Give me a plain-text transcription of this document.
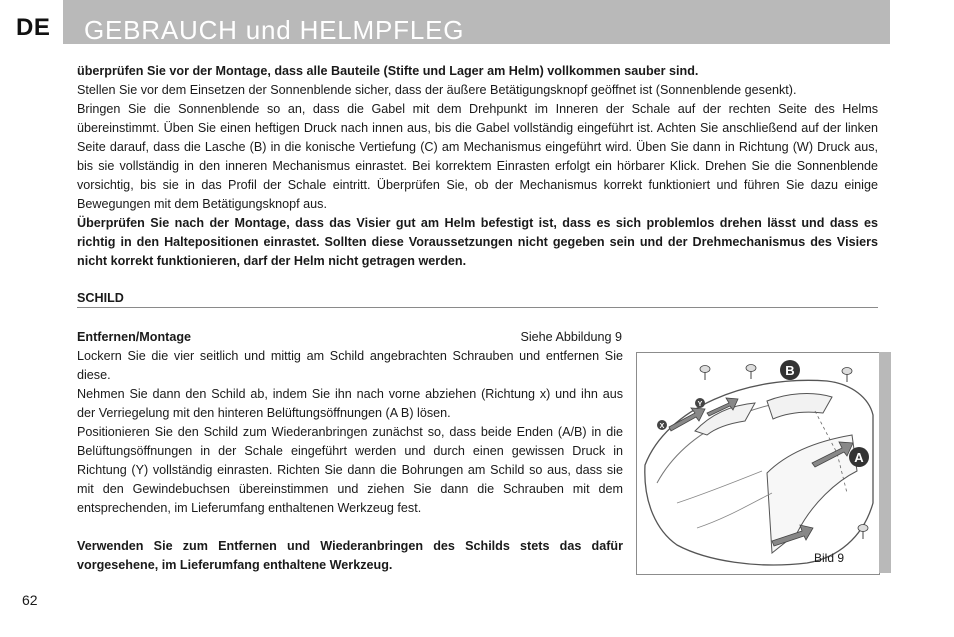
DE GEBRAUCH und HELMPFLEG

überprüfen Sie vor der Montage, dass alle Bauteile (Stifte und Lager am Helm) vollkommen sauber sind.

Stellen Sie vor dem Einsetzen der Sonnenblende sicher, dass der äußere Betätigungsknopf geöffnet ist (Sonnenblende gesenkt).

Bringen Sie die Sonnenblende so an, dass die Gabel mit dem Drehpunkt im Inneren der Schale auf der rechten Seite des Helms übereinstimmt. Üben Sie einen heftigen Druck nach innen aus, bis die Gabel vollständig eingeführt ist. Achten Sie anschließend auf der linken Seite darauf, dass die Lasche (B) in die konische Vertiefung (C) am Mechanismus eingeführt wird. Üben Sie dann in Richtung (W) Druck aus, bis sie vollständig in den inneren Mechanismus einrastet. Bei korrektem Einrasten erfolgt ein hörbarer Klick. Drehen Sie die Sonnenblende vorsichtig, bis sie in das Profil der Schale eintritt. Überprüfen Sie, ob der Mechanismus korrekt funktioniert und führen Sie dazu einige Bewegungen mit dem Betätigungsknopf aus.

Überprüfen Sie nach der Montage, dass das Visier gut am Helm befestigt ist, dass es sich problemlos drehen lässt und dass es richtig in den Haltepositionen einrastet. Sollten diese Voraussetzungen nicht gegeben sein und der Drehmechanismus des Visiers nicht korrekt funktionieren, darf der Helm nicht getragen werden.

SCHILD
Entfernen/Montage	Siehe Abbildung 9

Lockern Sie die vier seitlich und mittig am Schild angebrachten Schrauben und entfernen Sie diese.

Nehmen Sie dann den Schild ab, indem Sie ihn nach vorne abziehen (Richtung x) und ihn aus der Verriegelung mit den hinteren Belüftungsöffnungen (A B) lösen.

Positionieren Sie den Schild zum Wiederanbringen zunächst so, dass beide Enden (A/B) in die Belüftungsöffnungen in der Schale eingeführt werden und durch einen gewissen Druck in Richtung (Y) vollständig einrasten. Richten Sie dann die Bohrungen am Schild so aus, dass sie mit den Gewindebuchsen übereinstimmen und ziehen Sie dann die Schrauben mit dem entsprechenden, im Lieferumfang enthaltenen Werkzeug fest.

Verwenden Sie zum Entfernen und Wiederanbringen des Schilds stets das dafür vorgesehene, im Lieferumfang enthaltene Werkzeug.

B
A
X
Y
Bild 9
62
